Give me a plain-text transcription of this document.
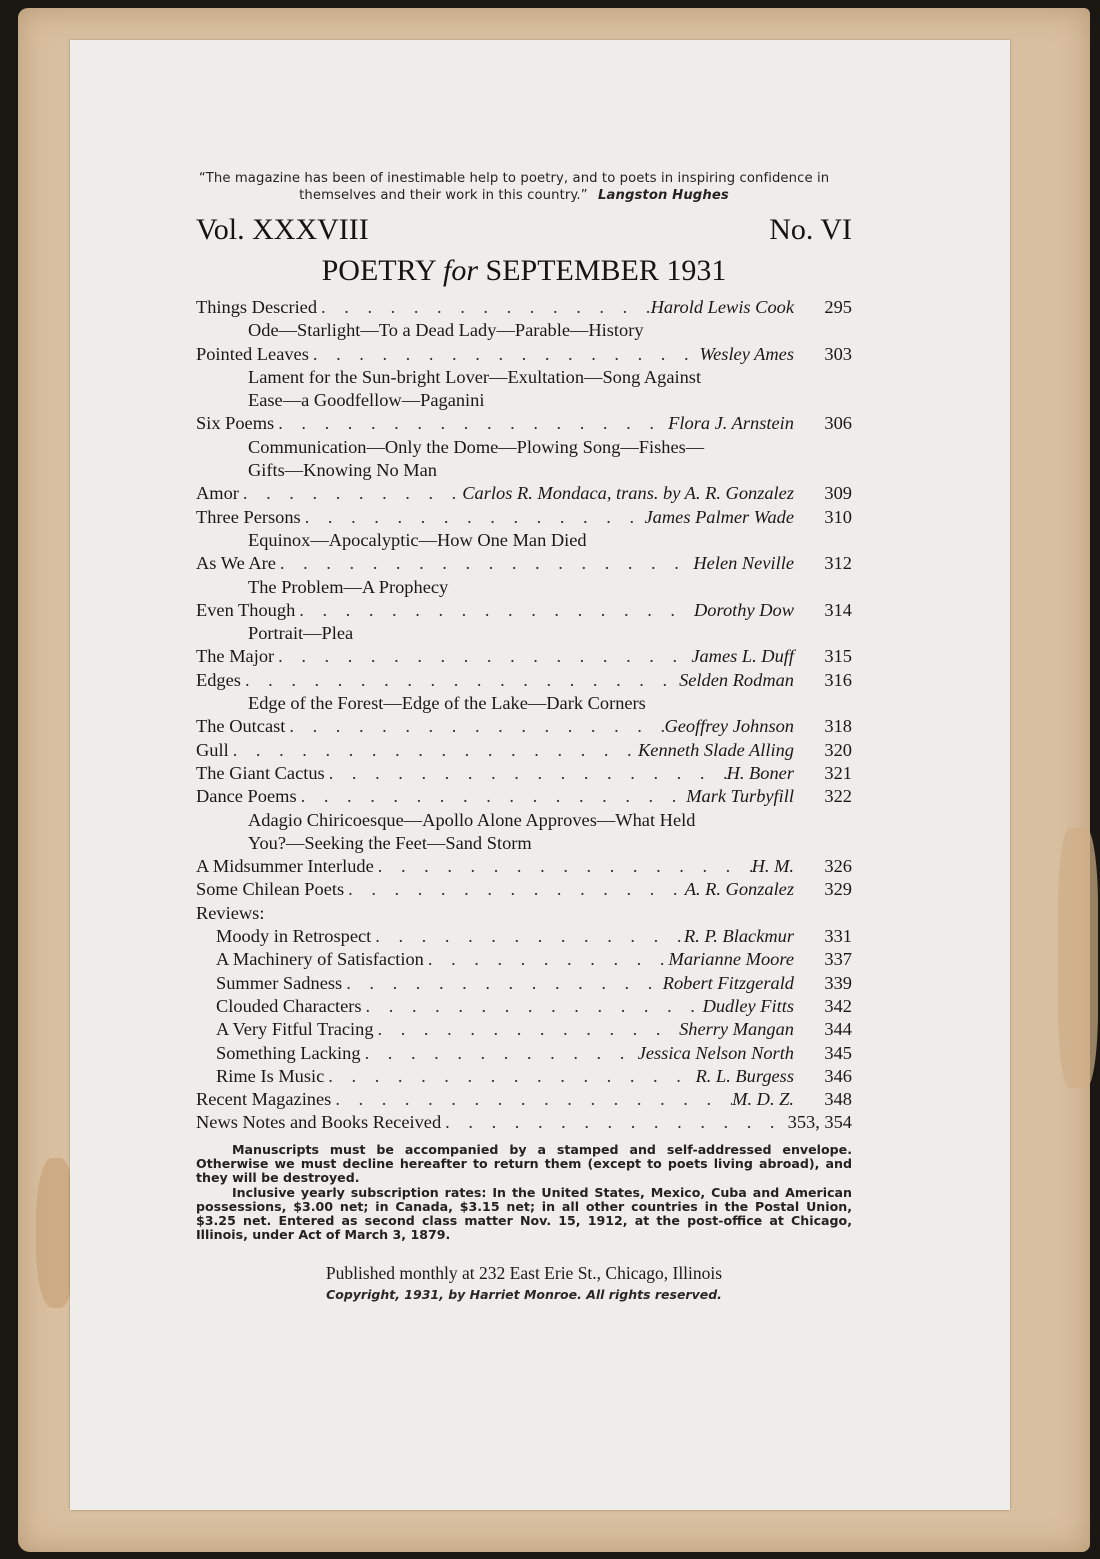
“The magazine has been of inestimable help to poetry, and to poets in inspiring confidence in themselves and their work in this country.” Langston Hughes
Vol. XXXVIII	No. VI
POETRY for SEPTEMBER 1931
Things Descried . . .	Harold Lewis Cook	295
Ode—Starlight—To a Dead Lady—Parable—History
Pointed Leaves . . .	Wesley Ames	303
Lament for the Sun-bright Lover—Exultation—Song Against
Ease—a Goodfellow—Paganini
Six Poems . . .	Flora J. Arnstein	306
Communication—Only the Dome—Plowing Song—Fishes—
Gifts—Knowing No Man
Amor . . .	Carlos R. Mondaca, trans. by A. R. Gonzalez	309
Three Persons . . .	James Palmer Wade	310
Equinox—Apocalyptic—How One Man Died
As We Are . . .	Helen Neville	312
The Problem—A Prophecy
Even Though . . .	Dorothy Dow	314
Portrait—Plea
The Major . . .	James L. Duff	315
Edges . . .	Selden Rodman	316
Edge of the Forest—Edge of the Lake—Dark Corners
The Outcast . . .	Geoffrey Johnson	318
Gull . . .	Kenneth Slade Alling	320
The Giant Cactus . . .	H. Boner	321
Dance Poems . . .	Mark Turbyfill	322
Adagio Chiricoesque—Apollo Alone Approves—What Held
You?—Seeking the Feet—Sand Storm
A Midsummer Interlude . . .	H. M.	326
Some Chilean Poets . . .	A. R. Gonzalez	329
Reviews:
Moody in Retrospect . . .	R. P. Blackmur	331
A Machinery of Satisfaction . . .	Marianne Moore	337
Summer Sadness . . .	Robert Fitzgerald	339
Clouded Characters . . .	Dudley Fitts	342
A Very Fitful Tracing . . .	Sherry Mangan	344
Something Lacking . . .	Jessica Nelson North	345
Rime Is Music . . .	R. L. Burgess	346
Recent Magazines . . .	M. D. Z.	348
News Notes and Books Received . . .	353, 354

Manuscripts must be accompanied by a stamped and self-addressed envelope. Otherwise we must decline hereafter to return them (except to poets living abroad), and they will be destroyed.

Inclusive yearly subscription rates: In the United States, Mexico, Cuba and American possessions, $3.00 net; in Canada, $3.15 net; in all other countries in the Postal Union, $3.25 net. Entered as second class matter Nov. 15, 1912, at the post-office at Chicago, Illinois, under Act of March 3, 1879.

Published monthly at 232 East Erie St., Chicago, Illinois
Copyright, 1931, by Harriet Monroe. All rights reserved.
